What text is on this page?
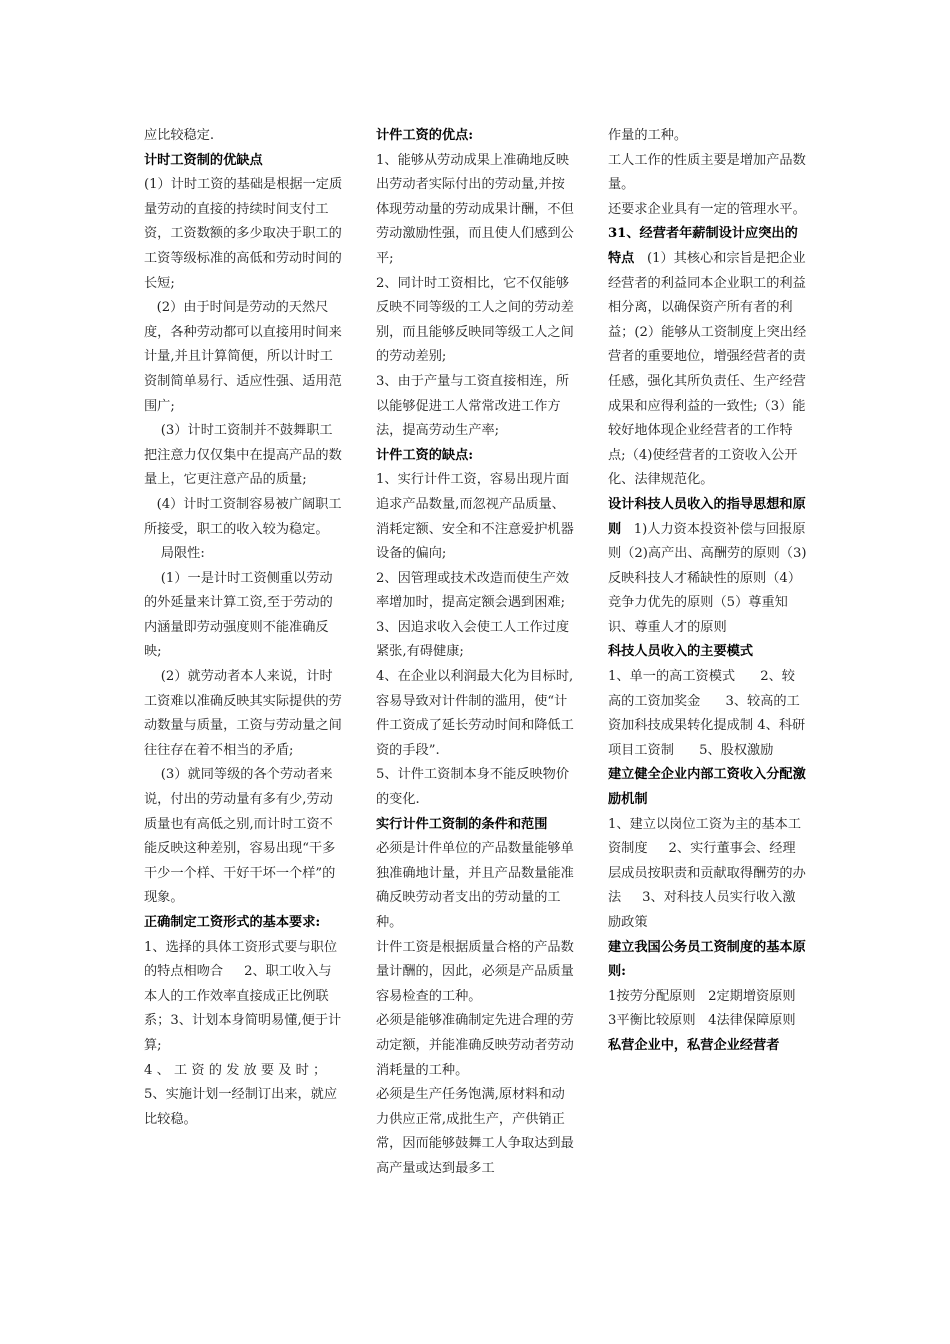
应比较稳定.

计时工资制的优缺点

(1）计时工资的基础是根据一定质量劳动的直接的持续时间支付工资，工资数额的多少取决于职工的工资等级标准的高低和劳动时间的长短;

(2）由于时间是劳动的天然尺度，各种劳动都可以直接用时间来计量,并且计算简便，所以计时工资制简单易行、适应性强、适用范围广;

(3）计时工资制并不鼓舞职工把注意力仅仅集中在提高产品的数量上，它更注意产品的质量;

(4）计时工资制容易被广阔职工所接受，职工的收入较为稳定。

局限性:

(1）一是计时工资侧重以劳动的外延量来计算工资,至于劳动的内涵量即劳动强度则不能准确反映;

(2）就劳动者本人来说，计时工资难以准确反映其实际提供的劳动数量与质量，工资与劳动量之间往往存在着不相当的矛盾;

(3）就同等级的各个劳动者来说，付出的劳动量有多有少,劳动质量也有高低之别,而计时工资不能反映这种差别，容易出现“干多干少一个样、干好干坏一个样”的现象。

正确制定工资形式的基本要求:

1、选择的具体工资形式要与职位的特点相吻合     2、职工收入与本人的工作效率直接成正比例联系；3、计划本身简明易懂,便于计算;

4 、 工 资 的 发 放 要 及 时 ； 5、实施计划一经制订出来，就应比较稳。

计件工资的优点:

1、能够从劳动成果上准确地反映出劳动者实际付出的劳动量,并按体现劳动量的劳动成果计酬，不但劳动激励性强，而且使人们感到公平;

2、同计时工资相比，它不仅能够反映不同等级的工人之间的劳动差别，而且能够反映同等级工人之间的劳动差别;

3、由于产量与工资直接相连，所以能够促进工人常常改进工作方法，提高劳动生产率;

计件工资的缺点:

1、实行计件工资，容易出现片面追求产品数量,而忽视产品质量、消耗定额、安全和不注意爱护机器设备的偏向;

2、因管理或技术改造而使生产效率增加时，提高定额会遇到困难;

3、因追求收入会使工人工作过度紧张,有碍健康;

4、在企业以利润最大化为目标时,容易导致对计件制的滥用，使“计件工资成了延长劳动时间和降低工资的手段”.

5、计件工资制本身不能反映物价的变化.

实行计件工资制的条件和范围

必须是计件单位的产品数量能够单独准确地计量，并且产品数量能准确反映劳动者支出的劳动量的工种。

计件工资是根据质量合格的产品数量计酬的，因此，必须是产品质量容易检查的工种。

必须是能够准确制定先进合理的劳动定额，并能准确反映劳动者劳动消耗量的工种。

必须是生产任务饱满,原材料和动力供应正常,成批生产，产供销正常，因而能够鼓舞工人争取达到最高产量或达到最多工

作量的工种。

工人工作的性质主要是增加产品数量。

还要求企业具有一定的管理水平。

31、经营者年薪制设计应突出的特点   (1）其核心和宗旨是把企业经营者的利益同本企业职工的利益相分离，以确保资产所有者的利益；(2）能够从工资制度上突出经营者的重要地位，增强经营者的责任感，强化其所负责任、生产经营成果和应得利益的一致性;（3）能较好地体现企业经营者的工作特点;（4)使经营者的工资收入公开化、法律规范化。

设计科技人员收入的指导思想和原则   1)人力资本投资补偿与回报原则（2)高产出、高酬劳的原则（3)反映科技人才稀缺性的原则（4）竞争力优先的原则（5）尊重知识、尊重人才的原则

科技人员收入的主要模式

1、单一的高工资模式      2、较高的工资加奖金      3、较高的工资加科技成果转化提成制 4、科研项目工资制      5、股权激励

建立健全企业内部工资收入分配激励机制

1、建立以岗位工资为主的基本工资制度     2、实行董事会、经理层成员按职责和贡献取得酬劳的办法     3、对科技人员实行收入激励政策

建立我国公务员工资制度的基本原则:

1按劳分配原则   2定期增资原则

3平衡比较原则   4法律保障原则

私营企业中，私营企业经营者
